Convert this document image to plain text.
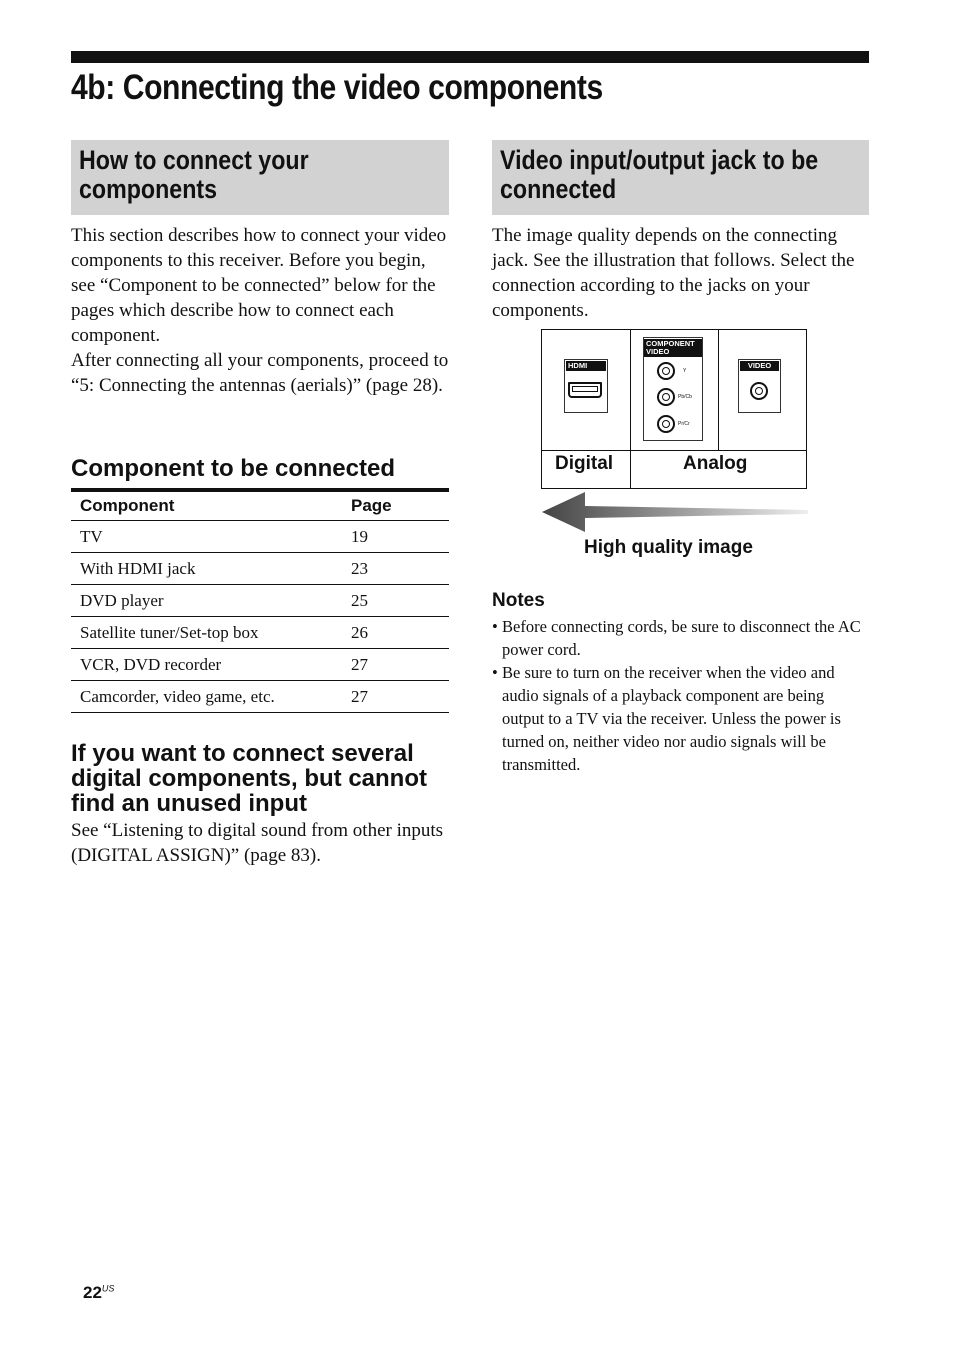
4b: Connecting the video components
How to connect your components

This section describes how to connect your video components to this receiver. Before you begin, see “Component to be connected” below for the pages which describe how to connect each component.

After connecting all your components, proceed to “5: Connecting the antennas (aerials)” (page 28).

Component to be connected
Component	Page
TV	19
With HDMI jack	23
DVD player	25
Satellite tuner/Set-top box	26
VCR, DVD recorder	27
Camcorder, video game, etc.	27
If you want to connect several digital components, but cannot find an unused input

See “Listening to digital sound from other inputs (DIGITAL ASSIGN)” (page 83).

Video input/output jack to be connected

The image quality depends on the connecting jack. See the illustration that follows. Select the connection according to the jacks on your components.

HDMI
COMPONENT
VIDEO
Y
Pb/Cb
Pr/Cr
VIDEO
Digital	Analog

High quality image

Notes
• Before connecting cords, be sure to disconnect the AC power cord.
• Be sure to turn on the receiver when the video and audio signals of a playback component are being output to a TV via the receiver. Unless the power is turned on, neither video nor audio signals will be transmitted.
$22^{US}$
